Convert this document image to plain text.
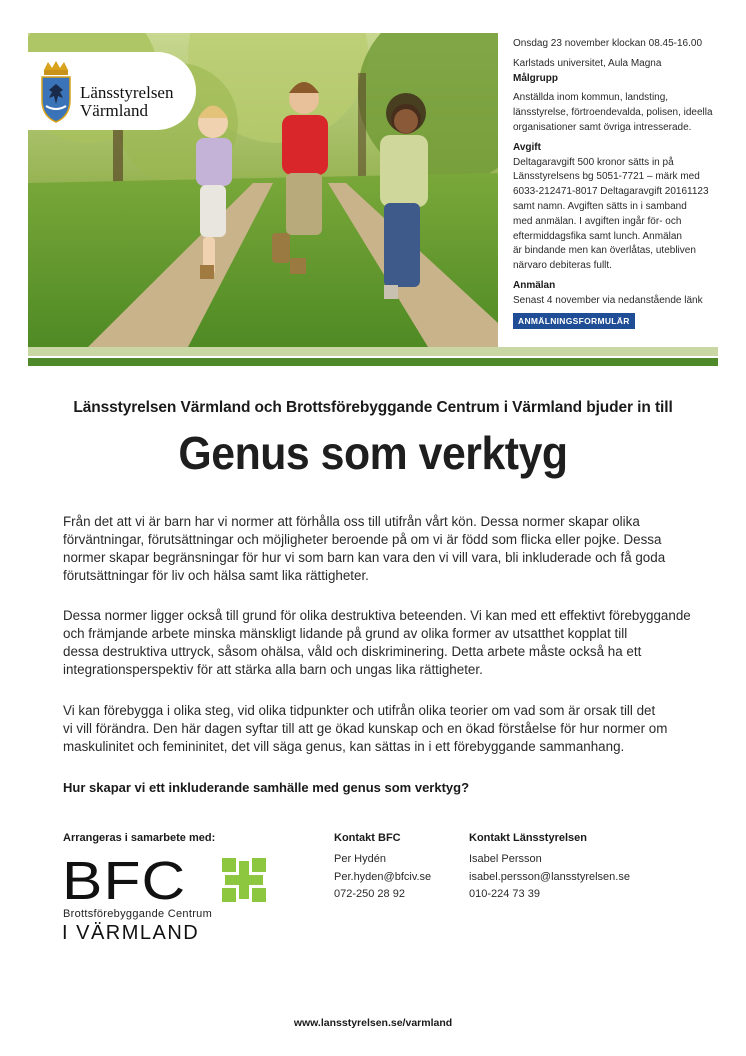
Länsstyrelsen
Värmland
Onsdag 23 november klockan 08.45-16.00
Karlstads universitet, Aula Magna
Målgrupp
Anställda inom kommun, landsting,
länsstyrelse, förtroendevalda, polisen, ideella
organisationer samt övriga intresserade.
Avgift
Deltagaravgift 500 kronor sätts in på
Länsstyrelsens bg 5051-7721 – märk med
6033-212471-8017 Deltagaravgift 20161123
samt namn. Avgiften sätts in i samband
med anmälan. I avgiften ingår för- och
eftermiddagsfika samt lunch. Anmälan
är bindande men kan överlåtas, utebliven
närvaro debiteras fullt.
Anmälan
Senast 4 november via nedanstående länk
ANMÄLNINGSFORMULÄR
Länsstyrelsen Värmland och Brottsförebyggande Centrum i Värmland bjuder in till
Genus som verktyg
Från det att vi är barn har vi normer att förhålla oss till utifrån vårt kön. Dessa normer skapar olika
förväntningar, förutsättningar och möjligheter beroende på om vi är född som flicka eller pojke. Dessa
normer skapar begränsningar för hur vi som barn kan vara den vi vill vara, bli inkluderade och få goda
förutsättningar för liv och hälsa samt lika rättigheter.
Dessa normer ligger också till grund för olika destruktiva beteenden. Vi kan med ett effektivt förebyggande
och främjande arbete minska mänskligt lidande på grund av olika former av utsatthet kopplat till
dessa destruktiva uttryck, såsom ohälsa, våld och diskriminering. Detta arbete måste också ha ett
integrationsperspektiv för att stärka alla barn och ungas lika rättigheter.
Vi kan förebygga i olika steg, vid olika tidpunkter och utifrån olika teorier om vad som är orsak till det
vi vill förändra. Den här dagen syftar till att ge ökad kunskap och en ökad förståelse för hur normer om
maskulinitet och femininitet, det vill säga genus, kan sättas in i ett förebyggande sammanhang.
Hur skapar vi ett inkluderande samhälle med genus som verktyg?
Arrangeras i samarbete med:
BFC
Brottsförebyggande Centrum
I VÄRMLAND
Kontakt BFC
Per Hydén
Per.hyden@bfciv.se
072-250 28 92
Kontakt Länsstyrelsen
Isabel Persson
isabel.persson@lansstyrelsen.se
010-224 73 39
www.lansstyrelsen.se/varmland
